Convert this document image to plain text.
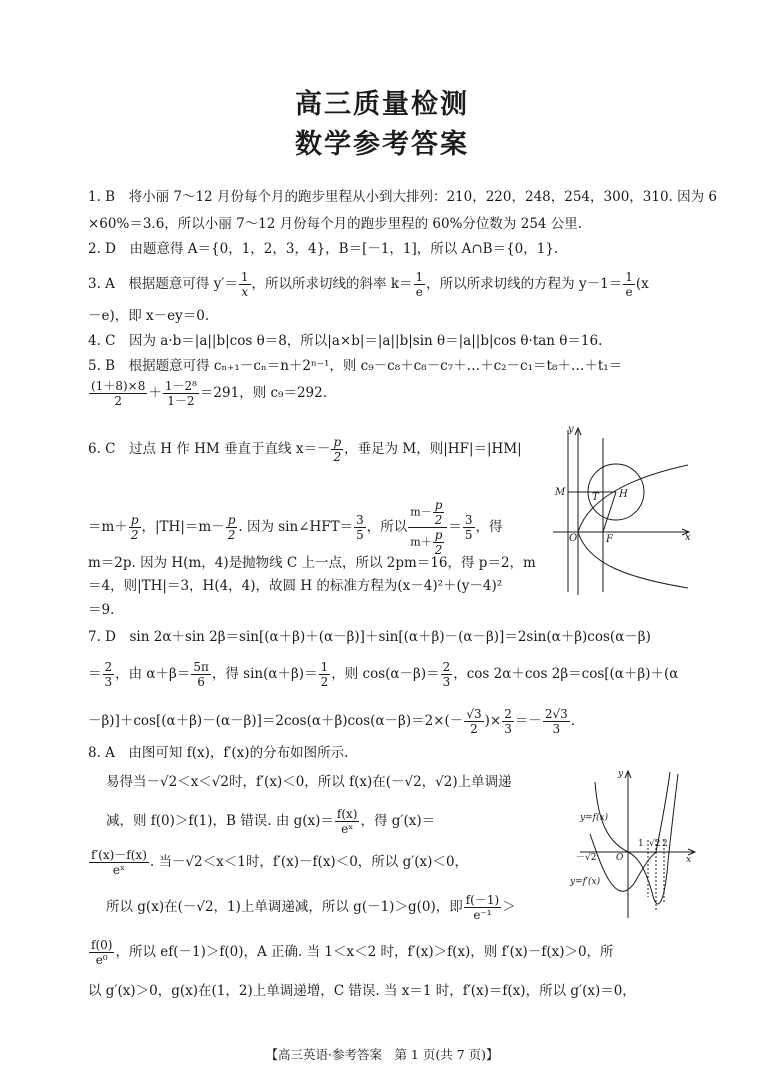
高三质量检测
数学参考答案
1. B　将小丽 7～12 月份每个月的跑步里程从小到大排列：210，220，248，254，300，310. 因为 6
×60%＝3.6，所以小丽 7～12 月份每个月的跑步里程的 60%分位数为 254 公里.
2. D　由题意得 A＝{0，1，2，3，4}，B＝[－1，1]，所以 A∩B＝{0，1}.
3. A　根据题意可得 $y'= \frac{1}{x}$ ，所以所求切线的斜率 $k= \frac{1}{e}$ ，所以所求切线的方程为 $y-1= \frac{1}{e} (x$
－e)，即 x－ey＝0.
4. C　因为 a·b＝|a||b|cos θ＝8，所以|a×b|＝|a||b|sin θ＝|a||b|cos θ·tan θ＝16.
5. B　根据题意可得 cₙ₊₁－cₙ＝n＋2ⁿ⁻¹，则 c₉－c₈＋c₈－c₇＋…＋c₂－c₁＝t₈＋…＋t₁＝
$\frac{(1+8)\times 8}{2} + \frac{\text{1－2⁸}}{1-2} =291$，则 c₉＝292.
6. C　过点 H 作 HM 垂直于直线 $x=- \frac{p}{2}$ ，垂足为 M，则|HF|＝|HM|
$=m+ \frac{p}{2}$ ，$|TH|=m- \frac{p}{2}$ . 因为 sin∠HFT＝ $\frac{3}{5}$ ，所以 $\frac{m- \frac{p}{2}}{m+ \frac{p}{2}} = \frac{3}{5}$ ，得
m＝2p. 因为 H(m，4)是抛物线 C 上一点，所以 2pm＝16，得 p＝2，m
＝4，则|TH|＝3，H(4，4)，故圆 H 的标准方程为(x－4)²＋(y－4)²
＝9.
y
x
M	T H
O	F
7. D　sin 2α＋sin 2β＝sin[(α＋β)＋(α－β)]＋sin[(α＋β)－(α－β)]＝2sin(α＋β)cos(α－β)
＝ $\frac{2}{3}$ ，由 $\alpha+\beta= \frac{5\pi}{6}$ ，得 $\sin(\alpha+\beta)= \frac{1}{2}$ ，则 $\cos(\alpha-\beta)= \frac{2}{3}$ ，cos 2α＋cos 2β＝cos[(α＋β)＋(α
$-\beta)]+\cos[(\alpha+\beta)-(\alpha-\beta)]=2\cos(\alpha+\beta)\cos(\alpha-\beta)=2\times(- \frac{√3}{2}$ )× $\frac{2}{3} =- \frac{2√3}{3}$ .
8. A　由图可知 f(x)，f′(x)的分布如图所示.
易得当－√2＜x＜√2时，f′(x)＜0，所以 f(x)在(－√2，√2)上单调递
减，则 f(0)＞f(1)，B 错误. 由 $g(x)= \frac{f(x)}{\text{eˣ}}$ ，得 g′(x)＝
$\frac{f'(x)-f(x)}{\text{eˣ}}$ . 当－√2＜x＜1时，f′(x)－f(x)＜0，所以 g′(x)＜0，
所以 g(x)在(－√2，1)上单调递减，所以 g(－1)＞g(0)，即 $\frac{f(-1)}{\text{e⁻¹}}$ ＞
$\frac{f(0)}{\text{e⁰}}$ ，所以 ef(－1)＞f(0)，A 正确. 当 1＜x＜2 时，f′(x)＞f(x)，则 f′(x)－f(x)＞0，所
以 g′(x)＞0，g(x)在(1，2)上单调递增，C 错误. 当 x＝1 时，f′(x)＝f(x)，所以 g′(x)＝0，
y
x
y=f(x)
y=f′(x)
－√2 O
1 √2 2
【高三英语·参考答案　第 1 页(共 7 页)】
